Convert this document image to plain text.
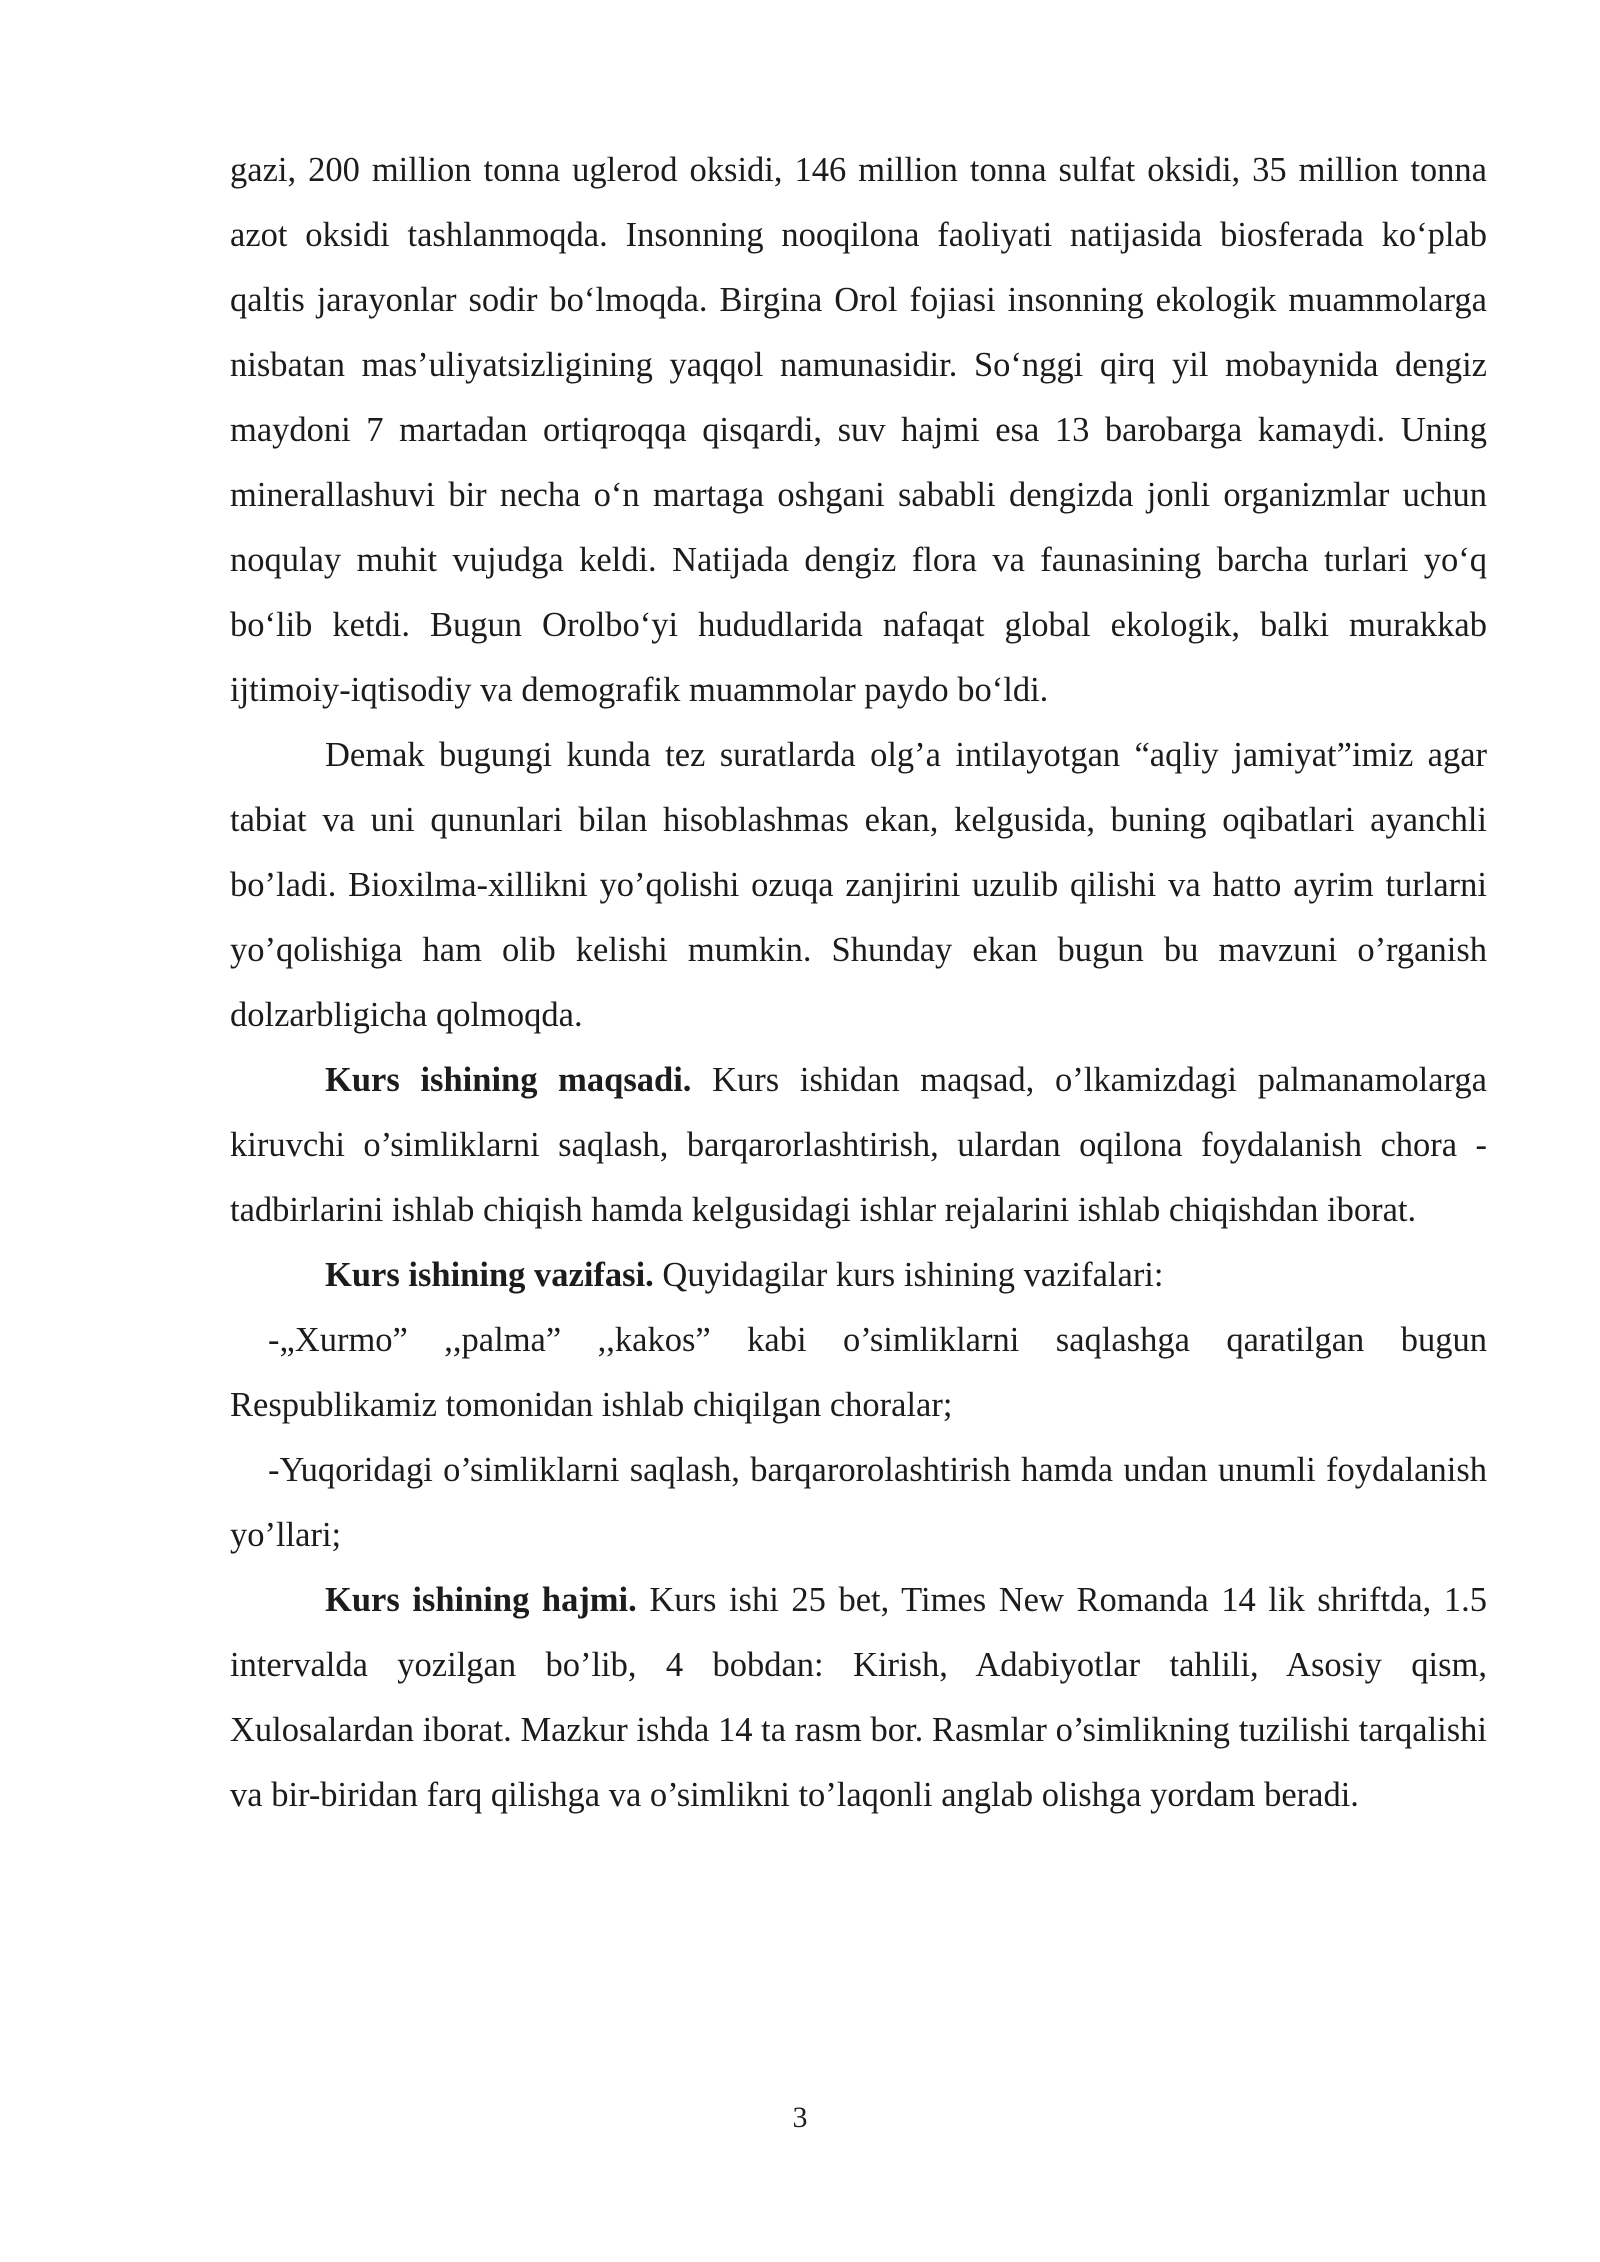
gazi, 200 million tonna uglerod oksidi, 146 million tonna sulfat oksidi, 35 million tonna azot oksidi tashlanmoqda. Insonning nooqilona faoliyati natijasida biosferada ko‘plab qaltis jarayonlar sodir bo‘lmoqda. Birgina Orol fojiasi insonning ekologik muammolarga nisbatan mas’uliyatsizligining yaqqol namunasidir. So‘nggi qirq yil mobaynida dengiz maydoni 7 martadan ortiqroqqa qisqardi, suv hajmi esa 13 barobarga kamaydi. Uning minerallashuvi bir necha o‘n martaga oshgani sababli dengizda jonli organizmlar uchun noqulay muhit vujudga keldi. Natijada dengiz flora va faunasining barcha turlari yo‘q bo‘lib ketdi. Bugun Orolbo‘yi hududlarida nafaqat global ekologik, balki murakkab ijtimoiy-iqtisodiy va demografik muammolar paydo bo‘ldi.

Demak bugungi kunda tez suratlarda olg’a intilayotgan “aqliy jamiyat”imiz agar tabiat va uni qununlari bilan hisoblashmas ekan, kelgusida, buning oqibatlari ayanchli bo’ladi. Bioxilma-xillikni yo’qolishi ozuqa zanjirini uzulib qilishi va hatto ayrim turlarni yo’qolishiga ham olib kelishi mumkin. Shunday ekan bugun bu mavzuni o’rganish dolzarbligicha qolmoqda.

Kurs ishining maqsadi. Kurs ishidan maqsad, o’lkamizdagi palmanamolarga kiruvchi o’simliklarni saqlash, barqarorlashtirish, ulardan oqilona foydalanish chora - tadbirlarini ishlab chiqish hamda kelgusidagi ishlar rejalarini ishlab chiqishdan iborat.

Kurs ishining vazifasi. Quyidagilar kurs ishining vazifalari:

-„Xurmo” ,,palma” ,,kakos” kabi o’simliklarni saqlashga qaratilgan bugun Respublikamiz tomonidan ishlab chiqilgan choralar;

-Yuqoridagi o’simliklarni saqlash, barqarorolashtirish hamda undan unumli foydalanish yo’llari;

Kurs ishining hajmi. Kurs ishi 25 bet, Times New Romanda 14 lik shriftda, 1.5 intervalda yozilgan bo’lib, 4 bobdan: Kirish, Adabiyotlar tahlili, Asosiy qism, Xulosalardan iborat. Mazkur ishda 14 ta rasm bor. Rasmlar o’simlikning tuzilishi tarqalishi va bir-biridan farq qilishga va o’simlikni to’laqonli anglab olishga yordam beradi.

3
